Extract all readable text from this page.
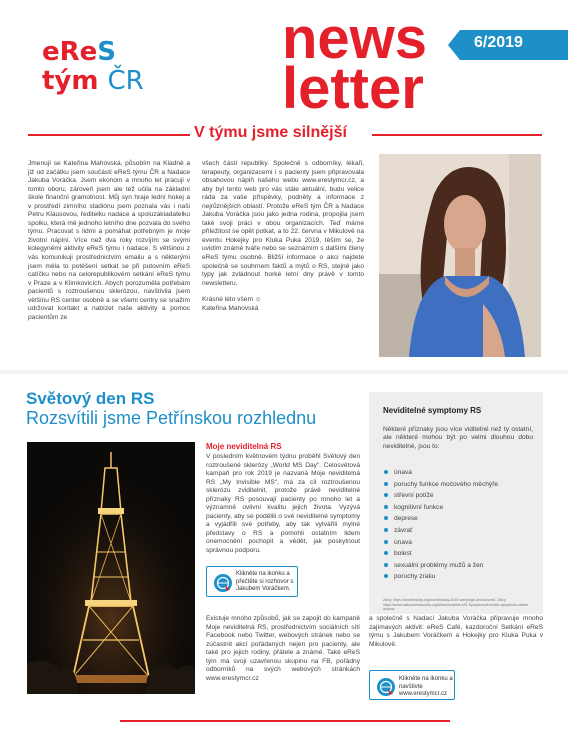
eReS
tým ČR
news
letter
6/2019
V týmu jsme silnější

Jmenují se Kateřina Mahovská, působím na Kladně a již od začátku jsem součástí eReS týmu ČR a Nadace Jakuba Voráčka. Jsem ekonom a mnoho let pracuji v tomto oboru, zároveň jsem ale též učila na základní škole finanční gramotnost. Můj syn hraje lední hokej a v prostředí zimního stadiónu jsem poznala vás i naši Petru Klausovou, ředitelku nadace a spoluzakladatelku spolku, která mě jednoho letního dne pozvala do svého týmu. Pracovat s lidmi a pomáhat potřebným je moje životní náplní. Více než dva roky rozvíjím se svými kolegyněmi aktivity eReS týmu i nadace. S většinou z vás komunikuji prostřednictvím emailu a s některými jsem měla to potěšení setkat se při putovním eReS catíčku nebo na celorepublikovém setkání eReS týmu v Praze a v Klimkovicích. Abych porozuměla potřebám pacientů s roztroušenou sklerózou, navštívila jsem většinu RS center osobně a se všemi centry se snažím udržovat kontakt a nabízet naše aktivity a pomoc pacientům ze

všech částí republiky. Společně s odborníky, lékaři, terapeuty, organizacemi i s pacienty jsem připravovala obsahovou náplň našeho webu www.erestymcr.cz, a aby byl tento web pro vás stále aktuální, budu velice ráda za vaše příspěvky, podněty a informace z nejrůznějších oblastí. Protože eReS tým ČR a Nadace Jakuba Voráčka jsou jako jedna rodina, propojila jsem také svoji práci v obou organizacích. Teď máme příležitost se opět potkat, a to 22. června v Mikulově na eventu Hokejky pro Kluka Puka 2019, těším se, že uvidím známé tváře nebo se seznámím s dalšími členy eReS týmu osobně. Bližší informace o akci najdete společně se souhrnem faktů a mýtů o RS, stejně jako typy jak zvládnout horké letní dny právě v tomto newsletteru.

Krásné léto všem ☺

Kateřina Mahovská

Světový den RS
Rozsvítili jsme Petřínskou rozhlednu
Moje neviditelná RS

V posledním květnovém týdnu proběhl Světový den roztroušené sklerózy „World MS Day“. Celosvětová kampaň pro rok 2019 je nazvaná Moje neviditelná RS „My Invisible MS“, má za cíl roztroušenou sklerózu zviditelnit, protože právě neviditelné příznaky RS posouvají pacienty po mnoho let a významně ovlivní kvalitu jejich života. Vyzývá pacienty, aby se podělili o své neviditelné symptomy a vyjádřili své potřeby, aby tak vytvářili mylné představy o RS a pomohli ostatním lidem onemocnění pochopit a vědět, jak poskytnout správnou podporu.

Klikněte na ikonku a přečtěte si rozhovor s Jakubem Voráčkem.

Existuje mnoho způsobů, jak se zapojit do kampaně Moje neviditelná RS, prostřednictvím sociálních sítí Facebook nebo Twitter, webových stránek nebo se zúčastnit akcí pořádaných nejen pro pacienty, ale také pro jejich rodiny, přátele a známé. Také eReS tým má svoji uzavřenou skupinu na FB, pořádný odborníků na svých webových stránkách www.erestymcr.cz

a společně s Nadací Jakuba Voráčka připravuje mnoho zajímavých aktivit: eReS Café, kazdoroční Setkání eReS týmu s Jakubem Voráčkem a Hokejky pro Kluka Puka v Mikulově.

Klikněte na ikonku a navštivte www.erestymcr.cz
Neviditelné symptomy RS
Některé příznaky jsou více viditelné než ty ostatní, ale některé mohou být po velmi dlouhou dobu neviditelné, jsou to:
únava
poruchy funkce močového měchýře
střevní potíže
kognitivní funkce
deprese
závrať
únava
bolest
sexuální problémy mužů a žen
poruchy zraku
Zdroj: https://worldmsday.org/worldmsday-2019-campaign-announced/. Zdroj: https://www.nationalmssociety.org/News/Invisible-MS-Symptoms/invisible-symptoms-visible-actions
